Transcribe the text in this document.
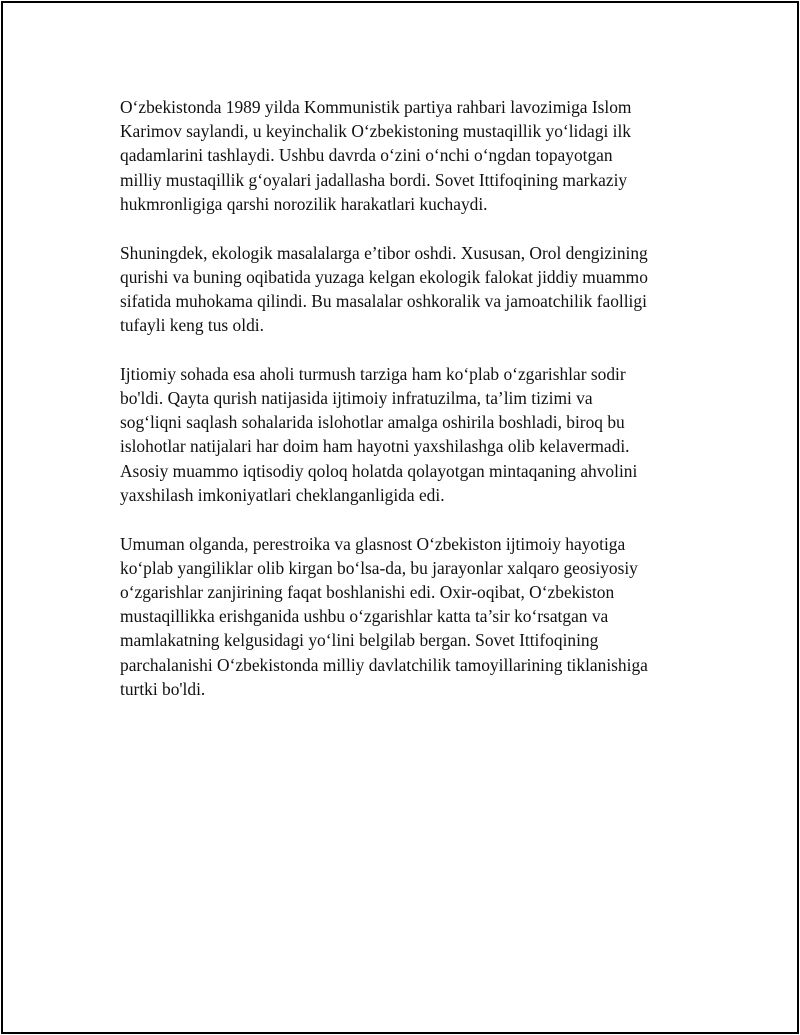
O‘zbekistonda 1989 yilda Kommunistik partiya rahbari lavozimiga Islom
Karimov saylandi, u keyinchalik O‘zbekistoning mustaqillik yo‘lidagi ilk
qadamlarini tashlaydi. Ushbu davrda o‘zini o‘nchi o‘ngdan topayotgan
milliy mustaqillik g‘oyalari jadallasha bordi. Sovet Ittifoqining markaziy
hukmronligiga qarshi norozilik harakatlari kuchaydi.

Shuningdek, ekologik masalalarga e’tibor oshdi. Xususan, Orol dengizining
qurishi va buning oqibatida yuzaga kelgan ekologik falokat jiddiy muammo
sifatida muhokama qilindi. Bu masalalar oshkoralik va jamoatchilik faolligi
tufayli keng tus oldi.

Ijtiomiy sohada esa aholi turmush tarziga ham ko‘plab o‘zgarishlar sodir
bo'ldi. Qayta qurish natijasida ijtimoiy infratuzilma, ta’lim tizimi va
sog‘liqni saqlash sohalarida islohotlar amalga oshirila boshladi, biroq bu
islohotlar natijalari har doim ham hayotni yaxshilashga olib kelavermadi.
Asosiy muammo iqtisodiy qoloq holatda qolayotgan mintaqaning ahvolini
yaxshilash imkoniyatlari cheklanganligida edi.

Umuman olganda, perestroika va glasnost O‘zbekiston ijtimoiy hayotiga
ko‘plab yangiliklar olib kirgan bo‘lsa-da, bu jarayonlar xalqaro geosiyosiy
o‘zgarishlar zanjirining faqat boshlanishi edi. Oxir-oqibat, O‘zbekiston
mustaqillikka erishganida ushbu o‘zgarishlar katta ta’sir ko‘rsatgan va
mamlakatning kelgusidagi yo‘lini belgilab bergan. Sovet Ittifoqining
parchalanishi O‘zbekistonda milliy davlatchilik tamoyillarining tiklanishiga
turtki bo'ldi.
